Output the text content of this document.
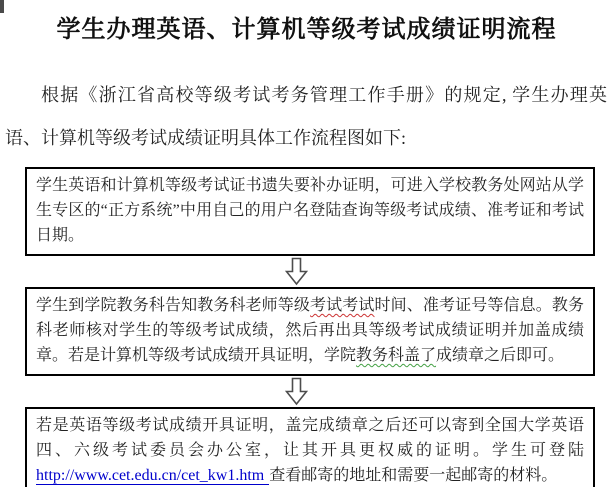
学生办理英语、计算机等级考试成绩证明流程

根据《浙江省高校等级考试考务管理工作手册》的规定, 学生办理英语、计算机等级考试成绩证明具体工作流程图如下:

学生英语和计算机等级考试证书遗失要补办证明，可进入学校教务处网站从学生专区的“正方系统”中用自己的用户名登陆查询等级考试成绩、准考证和考试日期。
学生到学院教务科告知教务科老师等级考试考试时间、准考证号等信息。教务科老师核对学生的等级考试成绩，然后再出具等级考试成绩证明并加盖成绩章。若是计算机等级考试成绩开具证明，学院教务科盖了成绩章之后即可。
若是英语等级考试成绩开具证明，盖完成绩章之后还可以寄到全国大学英语四、六级考试委员会办公室，让其开具更权威的证明。学生可登陆http://www.cet.edu.cn/cet_kw1.htm 查看邮寄的地址和需要一起邮寄的材料。
